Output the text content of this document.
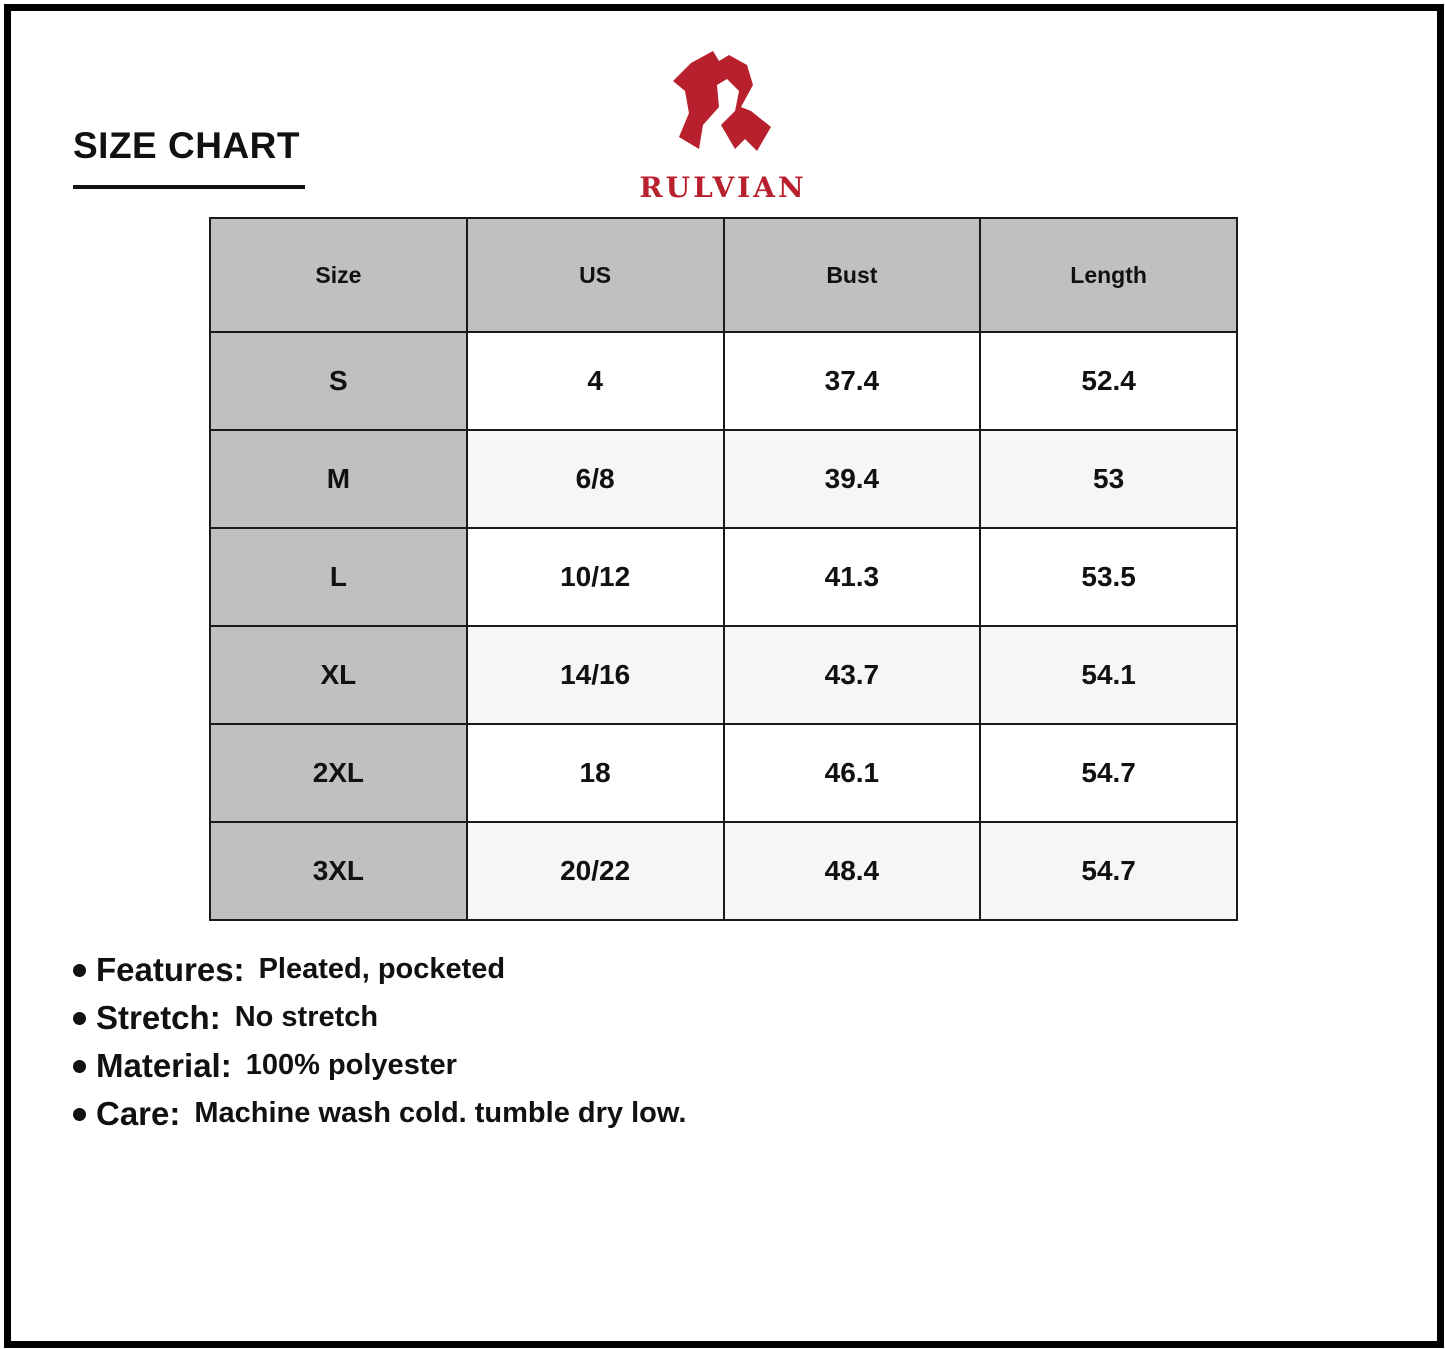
SIZE CHART
RULVIAN
Size	US	Bust	Length
S	4	37.4	52.4
M	6/8	39.4	53
L	10/12	41.3	53.5
XL	14/16	43.7	54.1
2XL	18	46.1	54.7
3XL	20/22	48.4	54.7
Features: Pleated, pocketed
Stretch: No stretch
Material: 100% polyester
Care: Machine wash cold. tumble dry low.
